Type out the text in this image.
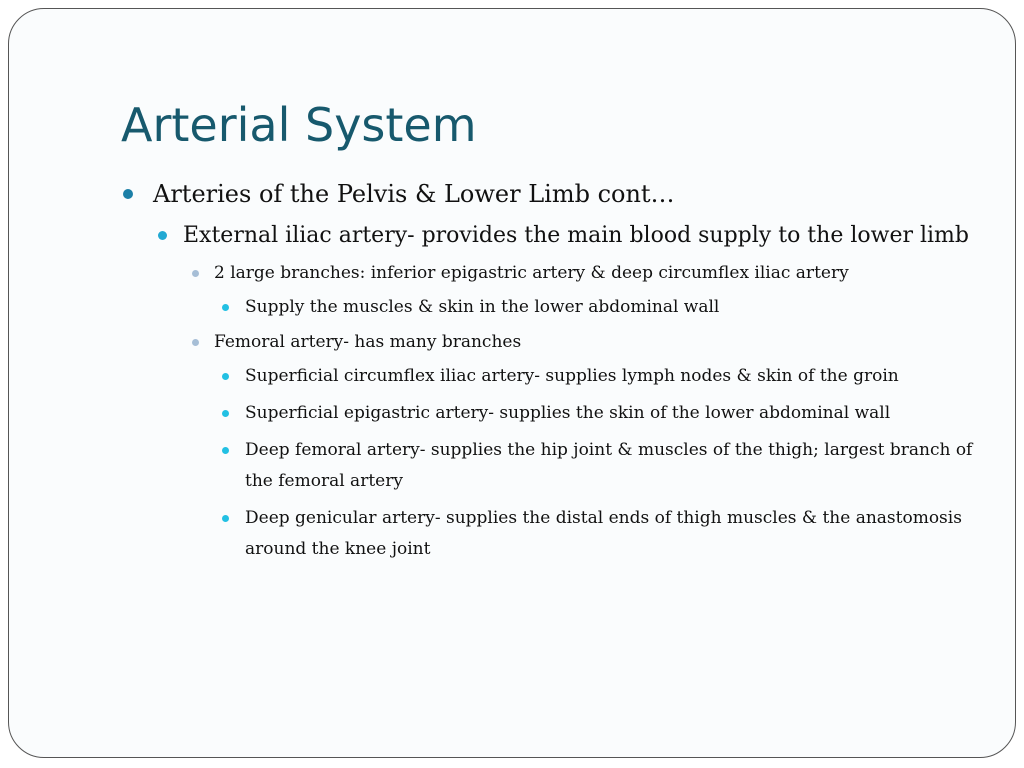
Arterial System

Arteries of the Pelvis & Lower Limb cont…

External iliac artery- provides the main blood supply to the lower limb

2 large branches: inferior epigastric artery & deep circumflex iliac artery

Supply the muscles & skin in the lower abdominal wall

Femoral artery- has many branches

Superficial circumflex iliac artery- supplies lymph nodes & skin of the groin

Superficial epigastric artery- supplies the skin of the lower abdominal wall

Deep femoral artery- supplies the hip joint & muscles of the thigh; largest branch of the femoral artery

Deep genicular artery- supplies the distal ends of thigh muscles & the anastomosis around the knee joint
